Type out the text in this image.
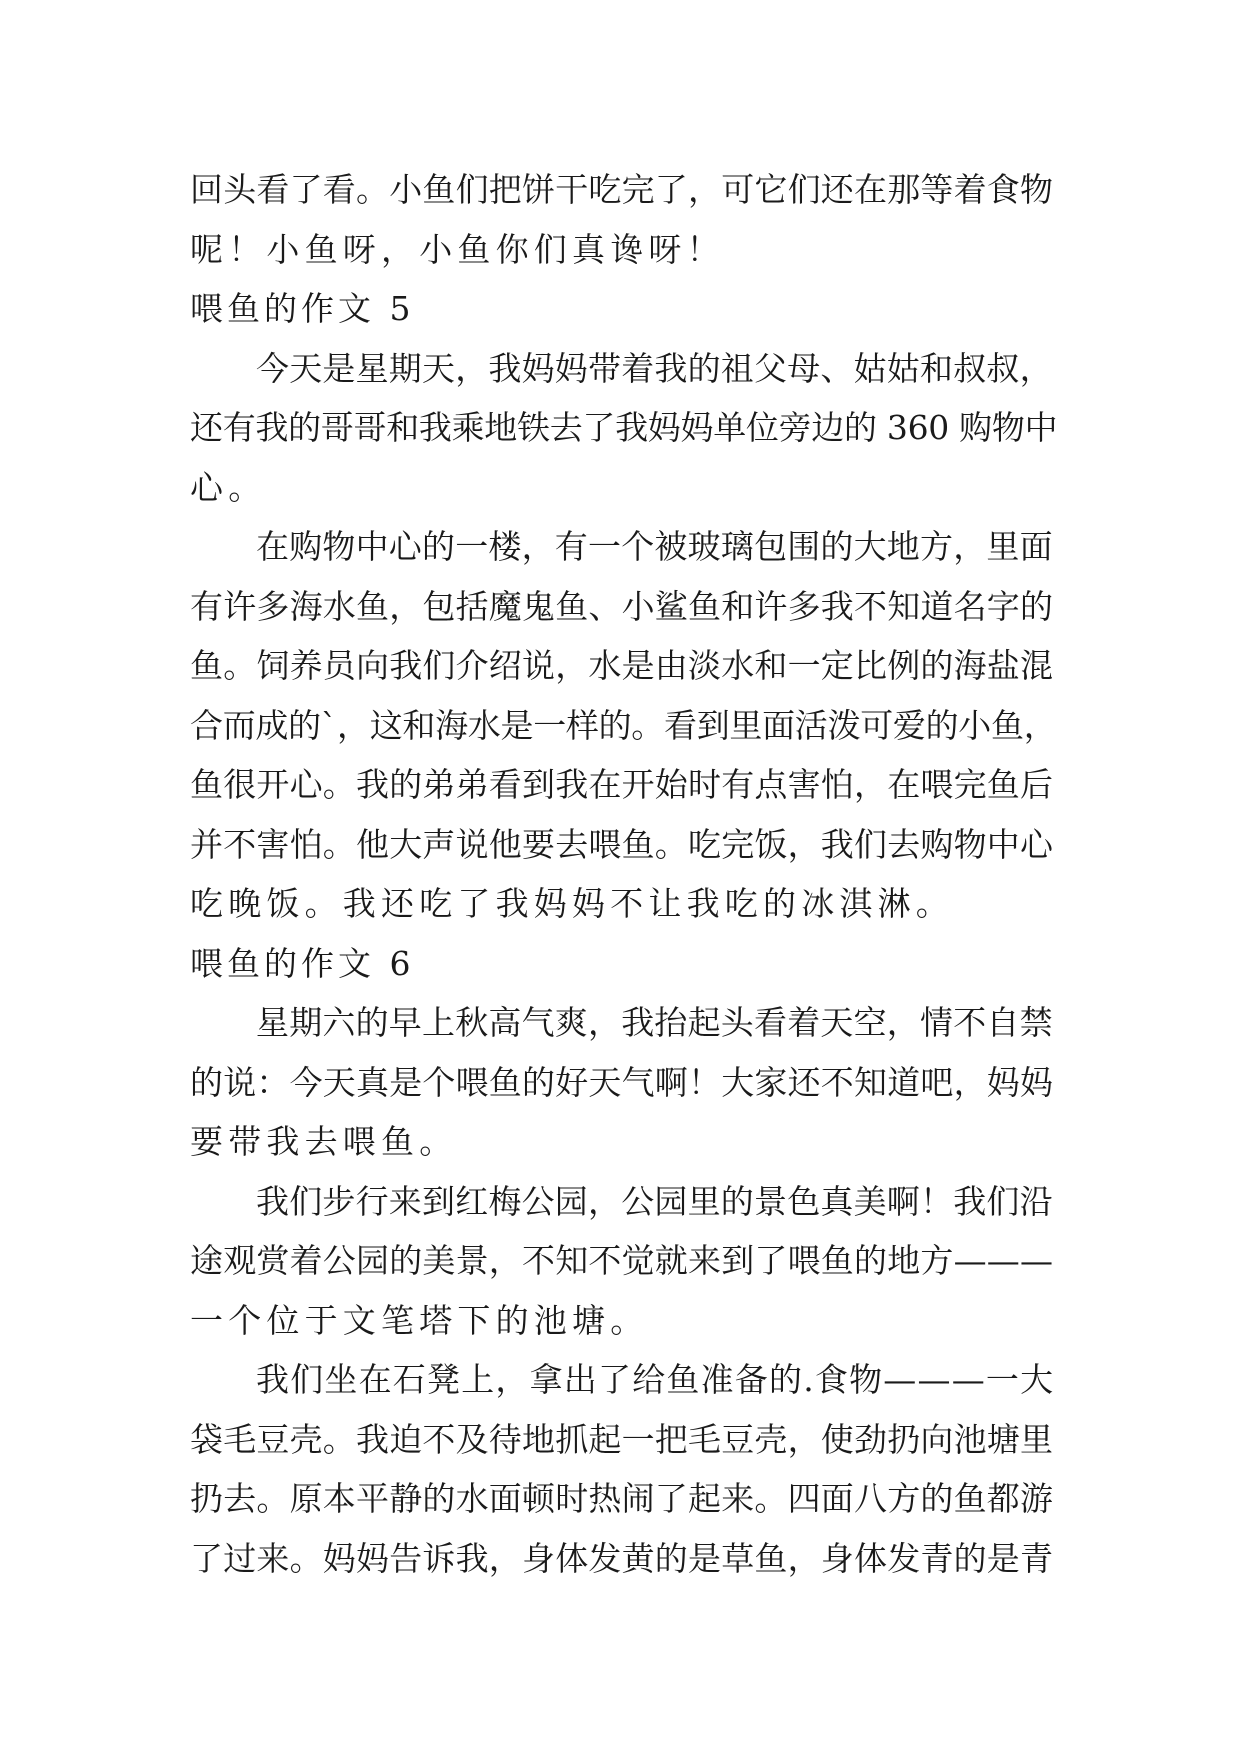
回头看了看。小鱼们把饼干吃完了，可它们还在那等着食物
呢！小鱼呀，小鱼你们真谗呀！
喂鱼的作文 5
今天是星期天，我妈妈带着我的祖父母、姑姑和叔叔，
还有我的哥哥和我乘地铁去了我妈妈单位旁边的 360 购物中
心。
在购物中心的一楼，有一个被玻璃包围的大地方，里面
有许多海水鱼，包括魔鬼鱼、小鲨鱼和许多我不知道名字的
鱼。饲养员向我们介绍说，水是由淡水和一定比例的海盐混
合而成的`，这和海水是一样的。看到里面活泼可爱的小鱼，
鱼很开心。我的弟弟看到我在开始时有点害怕，在喂完鱼后
并不害怕。他大声说他要去喂鱼。吃完饭，我们去购物中心
吃晚饭。我还吃了我妈妈不让我吃的冰淇淋。
喂鱼的作文 6
星期六的早上秋高气爽，我抬起头看着天空，情不自禁
的说：今天真是个喂鱼的好天气啊！大家还不知道吧，妈妈
要带我去喂鱼。
我们步行来到红梅公园，公园里的景色真美啊！我们沿
途观赏着公园的美景，不知不觉就来到了喂鱼的地方———
一个位于文笔塔下的池塘。
我们坐在石凳上，拿出了给鱼准备的.食物———一大
袋毛豆壳。我迫不及待地抓起一把毛豆壳，使劲扔向池塘里
扔去。原本平静的水面顿时热闹了起来。四面八方的鱼都游
了过来。妈妈告诉我，身体发黄的是草鱼，身体发青的是青
